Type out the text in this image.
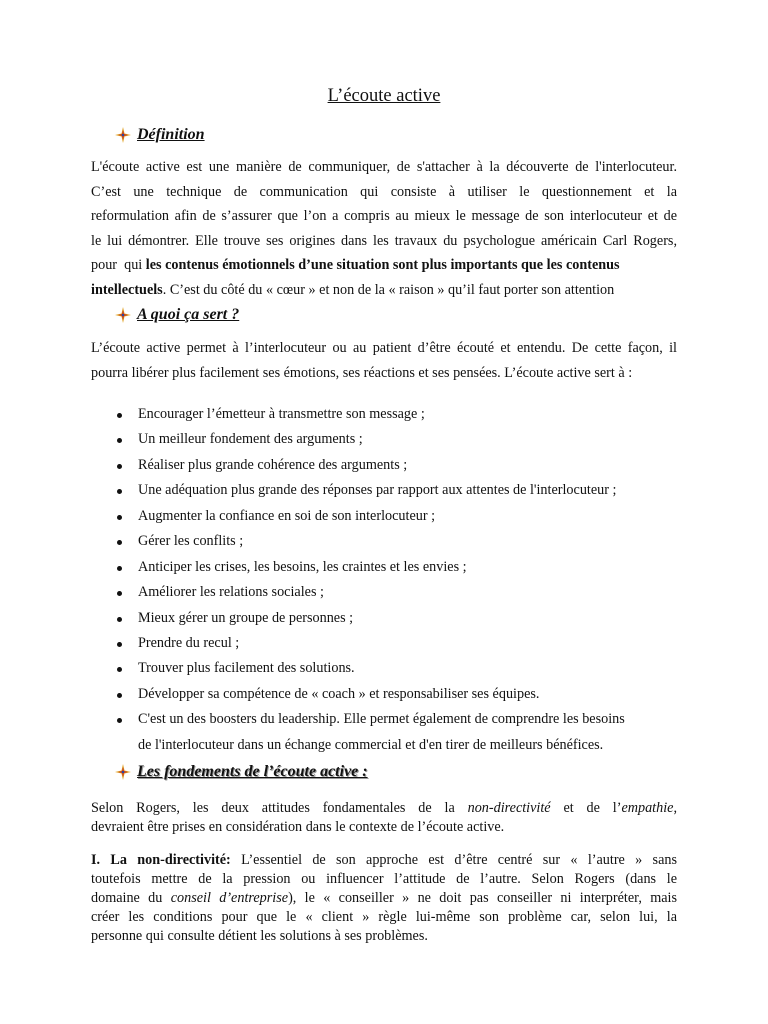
L’écoute active
Définition
L'écoute active est une manière de communiquer, de s'attacher à la découverte de l'interlocuteur.
C’est une technique de communication qui consiste à utiliser le questionnement et la
reformulation afin de s’assurer que l’on a compris au mieux le message de son interlocuteur et de
le lui démontrer. Elle trouve ses origines dans les travaux du psychologue américain Carl Rogers,
pour  qui les contenus émotionnels d’une situation sont plus importants que les contenus
intellectuels. C’est du côté du « cœur » et non de la « raison » qu’il faut porter son attention
A quoi ça sert ?
L’écoute active permet à l’interlocuteur ou au patient d’être écouté et entendu. De cette façon, il
pourra libérer plus facilement ses émotions, ses réactions et ses pensées. L’écoute active sert à :
Encourager l’émetteur à transmettre son message ;
Un meilleur fondement des arguments ;
Réaliser plus grande cohérence des arguments ;
Une adéquation plus grande des réponses par rapport aux attentes de l'interlocuteur ;
Augmenter la confiance en soi de son interlocuteur ;
Gérer les conflits ;
Anticiper les crises, les besoins, les craintes et les envies ;
Améliorer les relations sociales ;
Mieux gérer un groupe de personnes ;
Prendre du recul ;
Trouver plus facilement des solutions.
Développer sa compétence de « coach » et responsabiliser ses équipes.
C'est un des boosters du leadership. Elle permet également de comprendre les besoins
de l'interlocuteur dans un échange commercial et d'en tirer de meilleurs bénéfices.
Les fondements de l’écoute active :
Selon Rogers, les deux attitudes fondamentales de la non-directivité et de l’empathie,
devraient être prises en considération dans le contexte de l’écoute active.
I. La non-directivité: L’essentiel de son approche est d’être centré sur « l’autre » sans
toutefois mettre de la pression ou influencer l’attitude de l’autre. Selon Rogers (dans le
domaine du conseil d’entreprise), le « conseiller » ne doit pas conseiller ni interpréter, mais
créer les conditions pour que le « client » règle lui-même son problème car, selon lui, la
personne qui consulte détient les solutions à ses problèmes.
